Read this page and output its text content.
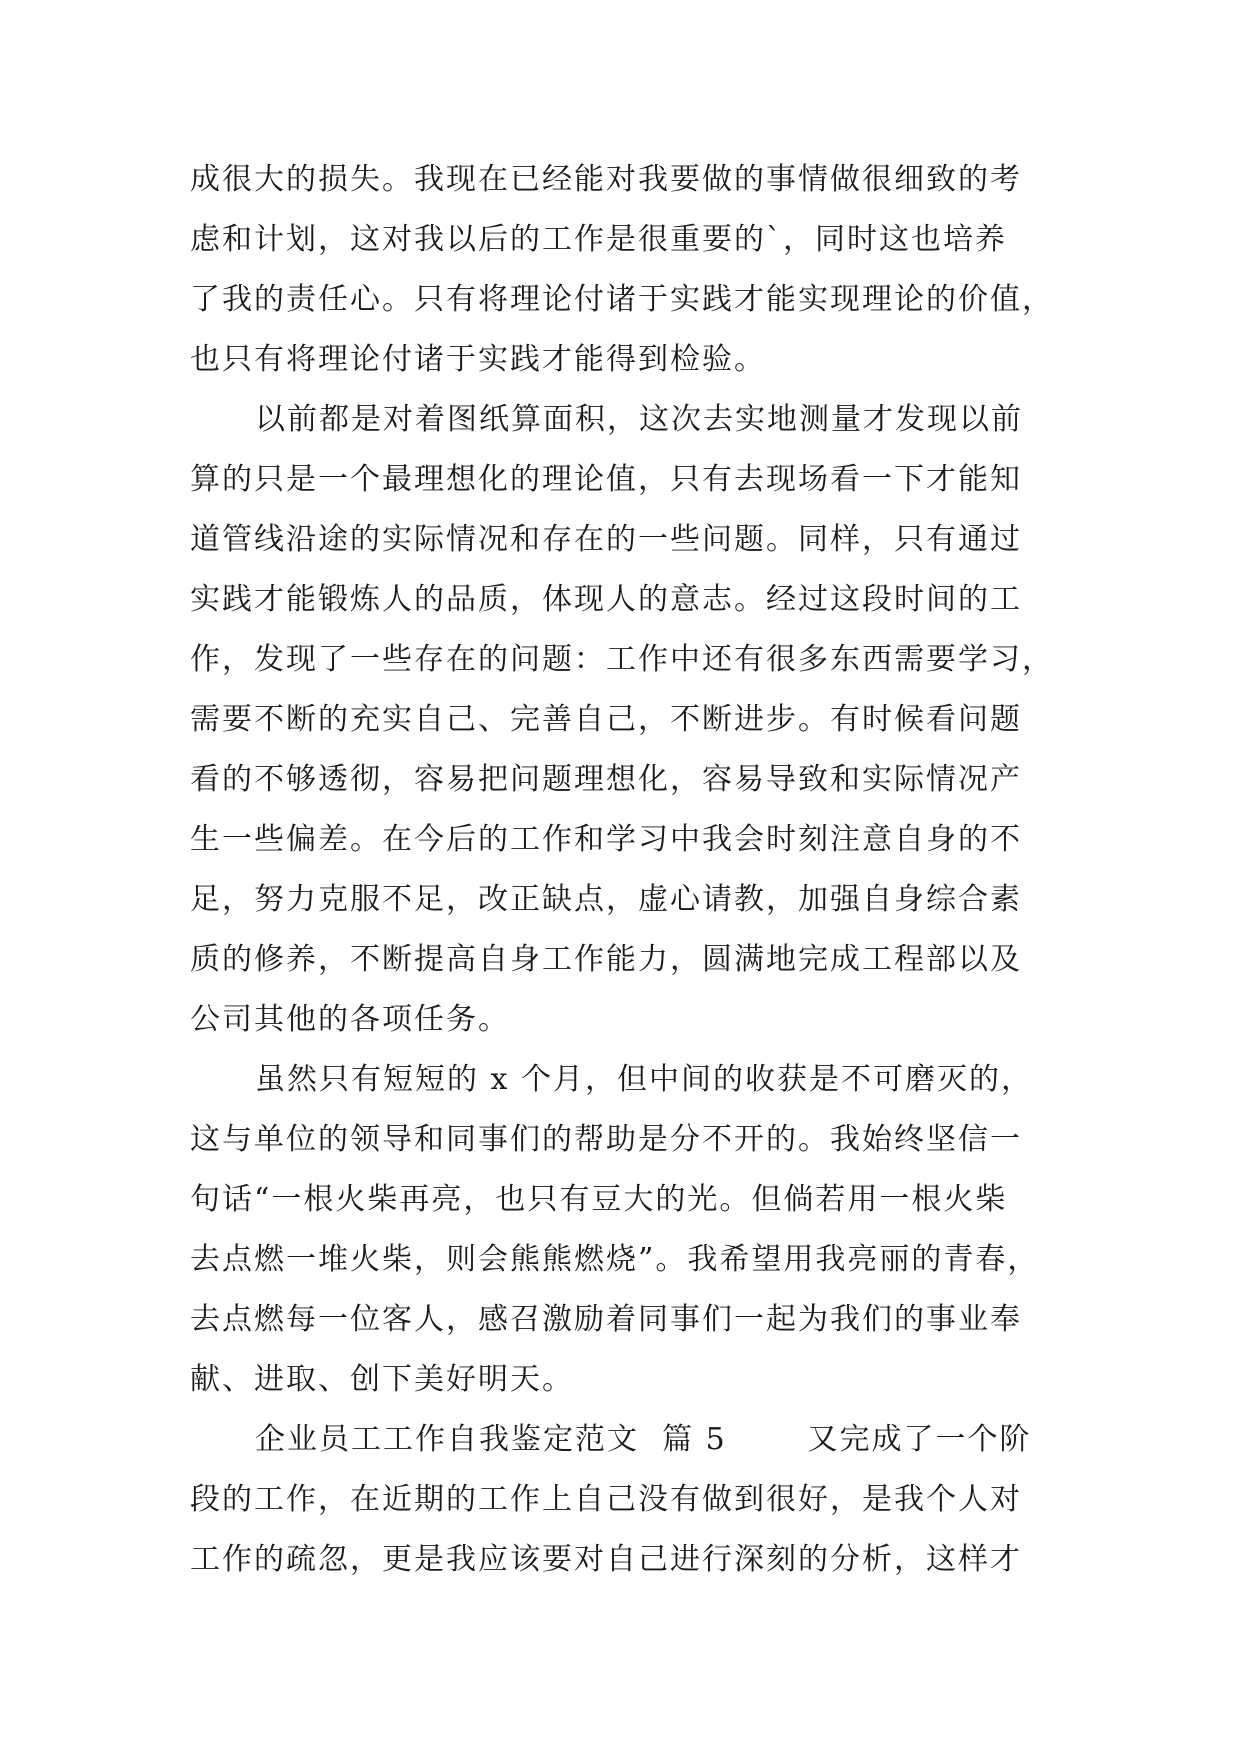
成很大的损失。我现在已经能对我要做的事情做很细致的考
虑和计划，这对我以后的工作是很重要的`，同时这也培养
了我的责任心。只有将理论付诸于实践才能实现理论的价值，
也只有将理论付诸于实践才能得到检验。
以前都是对着图纸算面积，这次去实地测量才发现以前
算的只是一个最理想化的理论值，只有去现场看一下才能知
道管线沿途的实际情况和存在的一些问题。同样，只有通过
实践才能锻炼人的品质，体现人的意志。经过这段时间的工
作，发现了一些存在的问题：工作中还有很多东西需要学习，
需要不断的充实自己、完善自己，不断进步。有时候看问题
看的不够透彻，容易把问题理想化，容易导致和实际情况产
生一些偏差。在今后的工作和学习中我会时刻注意自身的不
足，努力克服不足，改正缺点，虚心请教，加强自身综合素
质的修养，不断提高自身工作能力，圆满地完成工程部以及
公司其他的各项任务。
虽然只有短短的 x 个月，但中间的收获是不可磨灭的，
这与单位的领导和同事们的帮助是分不开的。我始终坚信一
句话“一根火柴再亮，也只有豆大的光。但倘若用一根火柴
去点燃一堆火柴，则会熊熊燃烧”。我希望用我亮丽的青春，
去点燃每一位客人，感召激励着同事们一起为我们的事业奉
献、进取、创下美好明天。
企业员工工作自我鉴定范文  篇 5       又完成了一个阶
段的工作，在近期的工作上自己没有做到很好，是我个人对
工作的疏忽，更是我应该要对自己进行深刻的分析，这样才
